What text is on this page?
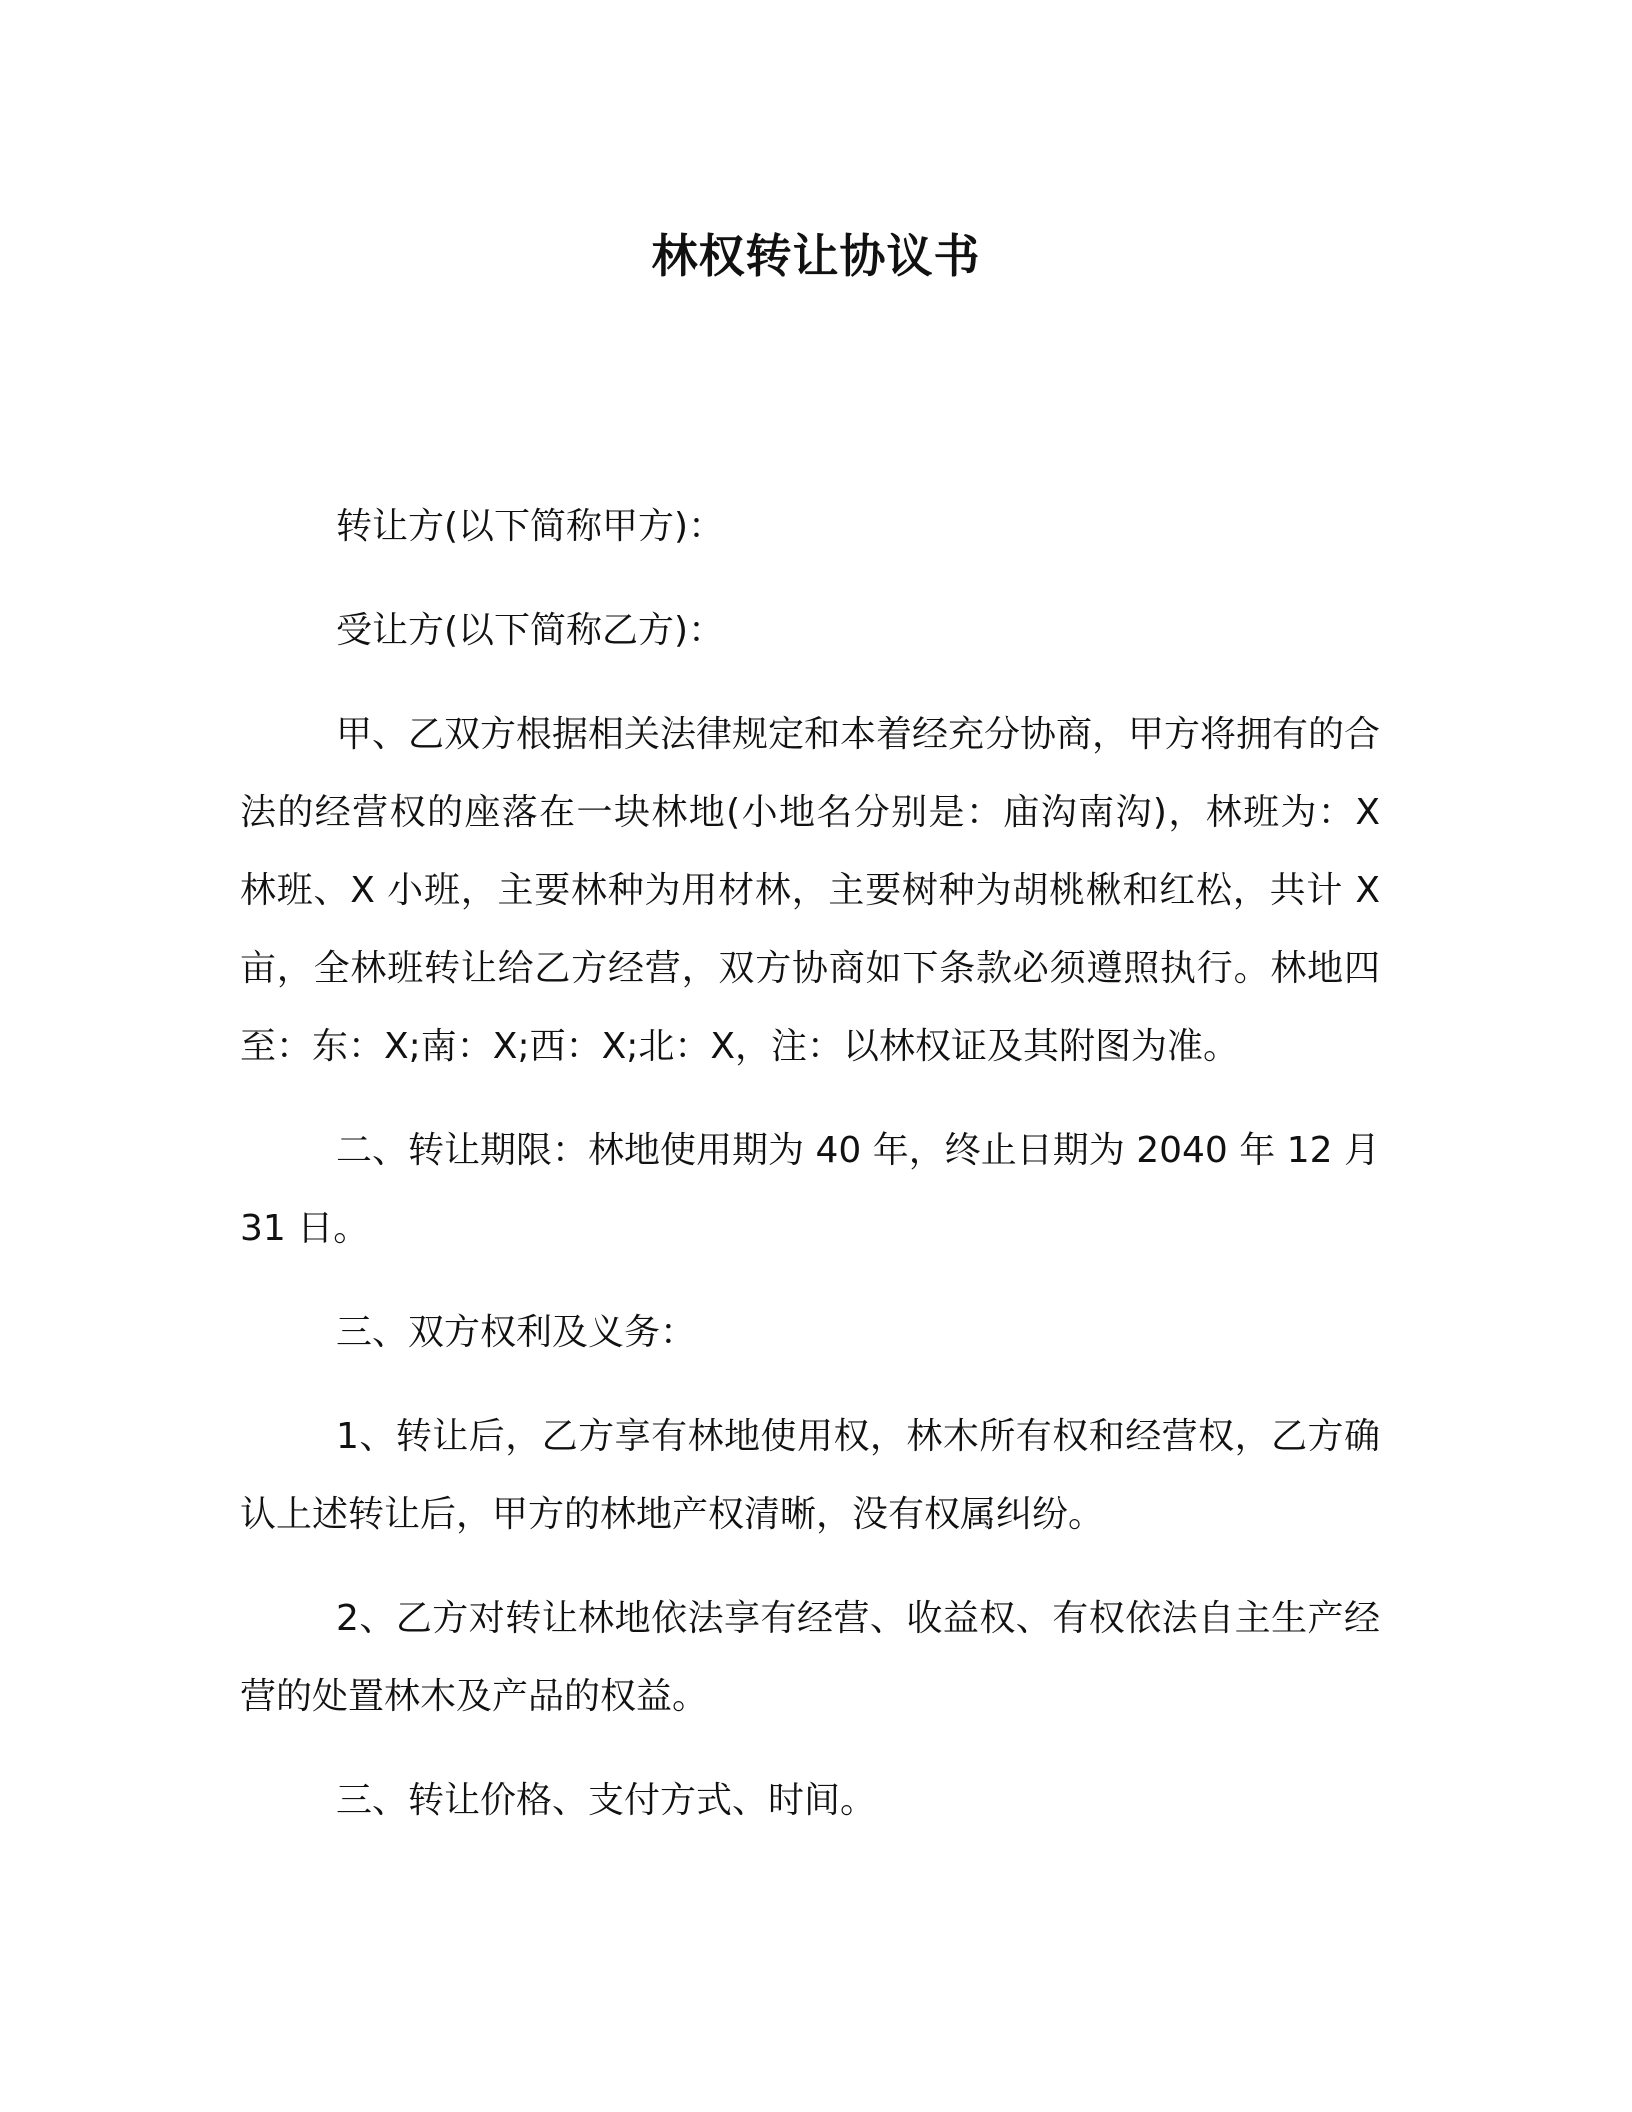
林权转让协议书

转让方(以下简称甲方)：

受让方(以下简称乙方)：

甲、乙双方根据相关法律规定和本着经充分协商，甲方将拥有的合法的经营权的座落在一块林地(小地名分别是：庙沟南沟)，林班为：X 林班、X 小班，主要林种为用材林，主要树种为胡桃楸和红松，共计 X 亩，全林班转让给乙方经营，双方协商如下条款必须遵照执行。林地四至：东：X;南：X;西：X;北：X，注：以林权证及其附图为准。

二、转让期限：林地使用期为 40 年，终止日期为 2040 年 12 月 31 日。

三、双方权利及义务：

1、转让后，乙方享有林地使用权，林木所有权和经营权，乙方确认上述转让后，甲方的林地产权清晰，没有权属纠纷。

2、乙方对转让林地依法享有经营、收益权、有权依法自主生产经营的处置林木及产品的权益。

三、转让价格、支付方式、时间。
